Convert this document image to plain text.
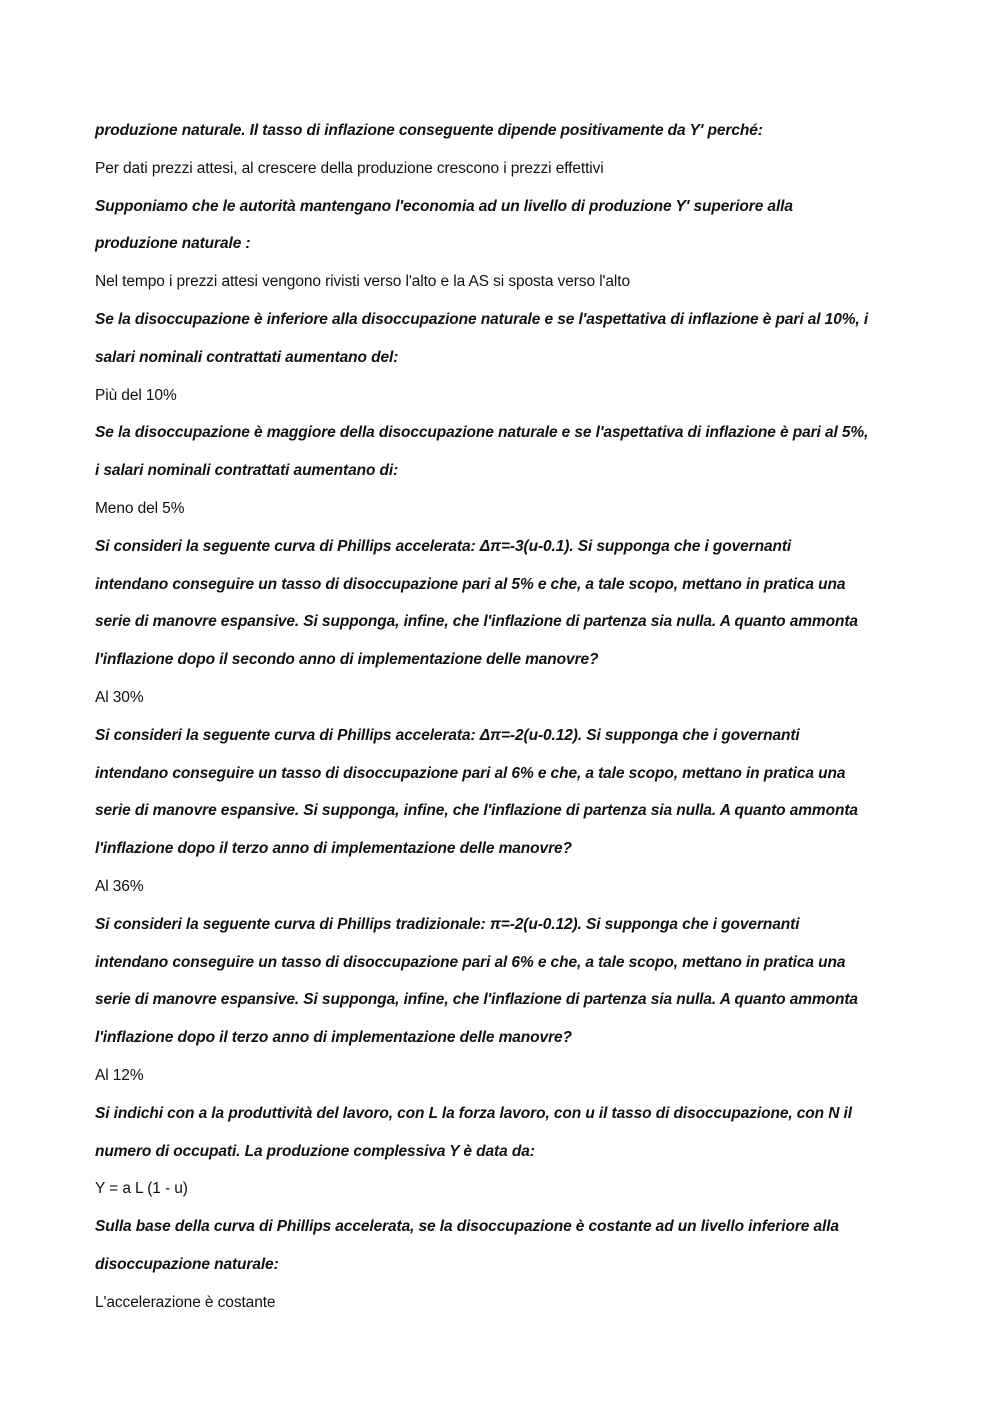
produzione naturale. Il tasso di inflazione conseguente dipende positivamente da Y' perché:
Per dati prezzi attesi, al crescere della produzione crescono i prezzi effettivi
Supponiamo che le autorità mantengano l'economia ad un livello di produzione Y' superiore alla
produzione naturale :
Nel tempo i prezzi attesi vengono rivisti verso l'alto e la AS si sposta verso l'alto
Se la disoccupazione è inferiore alla disoccupazione naturale e se l'aspettativa di inflazione è pari al 10%, i
salari nominali contrattati aumentano del:
Più del 10%
Se la disoccupazione è maggiore della disoccupazione naturale e se l'aspettativa di inflazione è pari al 5%,
i salari nominali contrattati aumentano di:
Meno del 5%
Si consideri la seguente curva di Phillips accelerata: Δπ=-3(u-0.1). Si supponga che i governanti
intendano conseguire un tasso di disoccupazione pari al 5% e che, a tale scopo, mettano in pratica una
serie di manovre espansive. Si supponga, infine, che l'inflazione di partenza sia nulla. A quanto ammonta
l'inflazione dopo il secondo anno di implementazione delle manovre?
Al 30%
Si consideri la seguente curva di Phillips accelerata: Δπ=-2(u-0.12). Si supponga che i governanti
intendano conseguire un tasso di disoccupazione pari al 6% e che, a tale scopo, mettano in pratica una
serie di manovre espansive. Si supponga, infine, che l'inflazione di partenza sia nulla. A quanto ammonta
l'inflazione dopo il terzo anno di implementazione delle manovre?
Al 36%
Si consideri la seguente curva di Phillips tradizionale: π=-2(u-0.12). Si supponga che i governanti
intendano conseguire un tasso di disoccupazione pari al 6% e che, a tale scopo, mettano in pratica una
serie di manovre espansive. Si supponga, infine, che l'inflazione di partenza sia nulla. A quanto ammonta
l'inflazione dopo il terzo anno di implementazione delle manovre?
Al 12%
Si indichi con a la produttività del lavoro, con L la forza lavoro, con u il tasso di disoccupazione, con N il
numero di occupati. La produzione complessiva Y è data da:
Y = a L (1 - u)
Sulla base della curva di Phillips accelerata, se la disoccupazione è costante ad un livello inferiore alla
disoccupazione naturale:
L'accelerazione è costante
